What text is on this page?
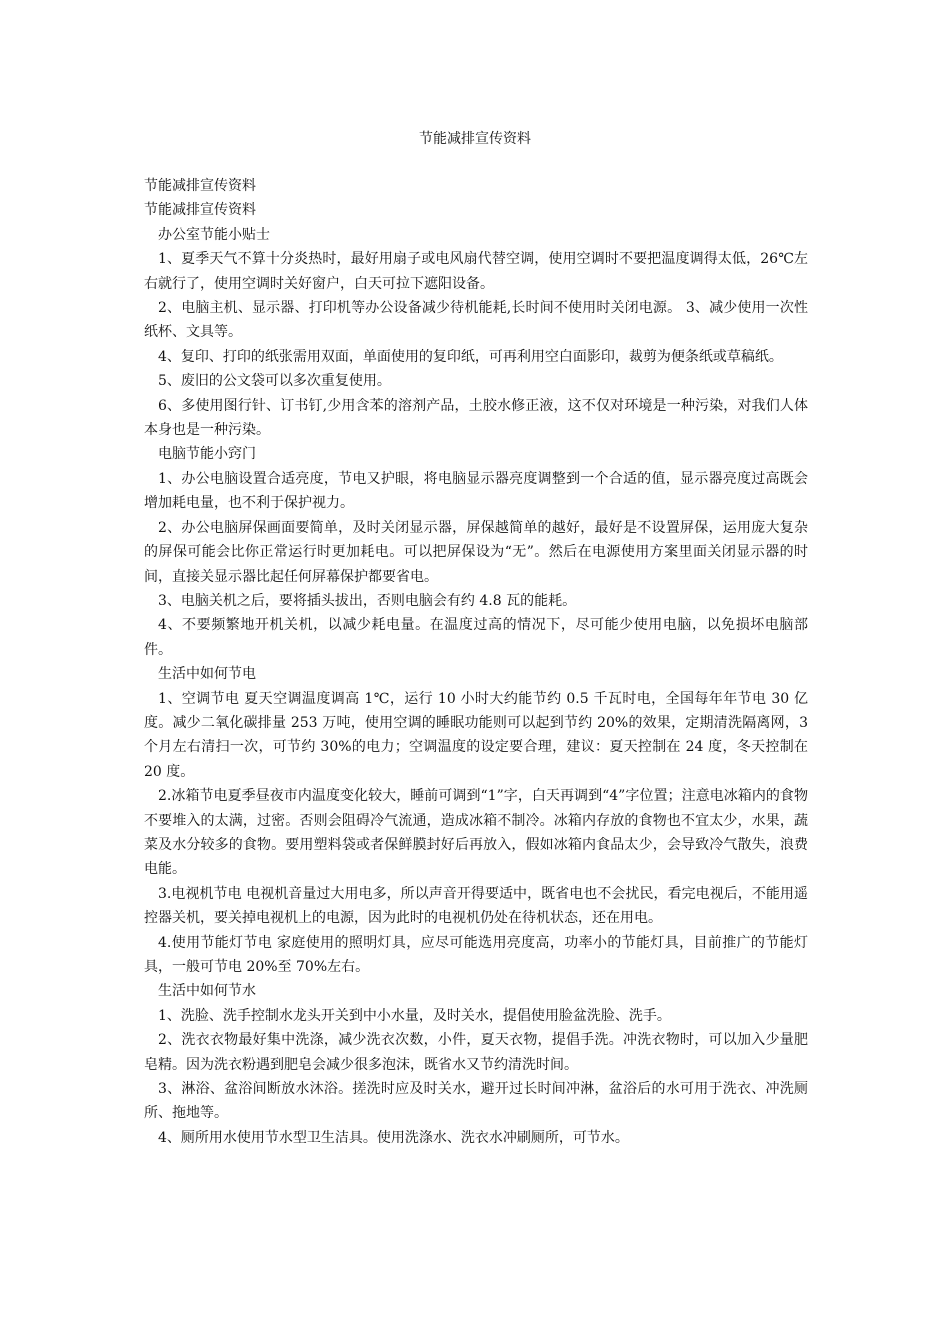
节能减排宣传资料

节能减排宣传资料

节能减排宣传资料

办公室节能小贴士

1、夏季天气不算十分炎热时，最好用扇子或电风扇代替空调，使用空调时不要把温度调得太低，26℃左右就行了，使用空调时关好窗户，白天可拉下遮阳设备。

2、电脑主机、显示器、打印机等办公设备减少待机能耗,长时间不使用时关闭电源。 3、减少使用一次性纸杯、文具等。

4、复印、打印的纸张需用双面，单面使用的复印纸，可再利用空白面影印，裁剪为便条纸或草稿纸。

5、废旧的公文袋可以多次重复使用。

6、多使用图行针、订书钉,少用含苯的溶剂产品，土胶水修正液，这不仅对环境是一种污染，对我们人体本身也是一种污染。

电脑节能小窍门

1、办公电脑设置合适亮度，节电又护眼，将电脑显示器亮度调整到一个合适的值，显示器亮度过高既会增加耗电量，也不利于保护视力。

2、办公电脑屏保画面要简单，及时关闭显示器，屏保越简单的越好，最好是不设置屏保，运用庞大复杂的屏保可能会比你正常运行时更加耗电。可以把屏保设为“无”。然后在电源使用方案里面关闭显示器的时间，直接关显示器比起任何屏幕保护都要省电。

3、电脑关机之后，要将插头拔出，否则电脑会有约 4.8 瓦的能耗。

4、不要频繁地开机关机，以减少耗电量。在温度过高的情况下，尽可能少使用电脑，以免损坏电脑部件。

生活中如何节电

1、空调节电 夏天空调温度调高 1℃，运行 10 小时大约能节约 0.5 千瓦时电，全国每年年节电 30 亿度。减少二氧化碳排量 253 万吨，使用空调的睡眠功能则可以起到节约 20%的效果，定期清洗隔离网，3 个月左右清扫一次，可节约 30%的电力；空调温度的设定要合理，建议：夏天控制在 24 度，冬天控制在 20 度。

2.冰箱节电夏季昼夜市内温度变化较大，睡前可调到“1”字，白天再调到“4”字位置；注意电冰箱内的食物不要堆入的太满，过密。否则会阻碍冷气流通，造成冰箱不制冷。冰箱内存放的食物也不宜太少，水果，蔬菜及水分较多的食物。要用塑料袋或者保鲜膜封好后再放入，假如冰箱内食品太少，会导致冷气散失，浪费电能。

3.电视机节电 电视机音量过大用电多，所以声音开得要适中，既省电也不会扰民，看完电视后，不能用遥控器关机，要关掉电视机上的电源，因为此时的电视机仍处在待机状态，还在用电。

4.使用节能灯节电 家庭使用的照明灯具，应尽可能选用亮度高，功率小的节能灯具，目前推广的节能灯具，一般可节电 20%至 70%左右。

生活中如何节水

1、洗脸、洗手控制水龙头开关到中小水量，及时关水，提倡使用脸盆洗脸、洗手。

2、洗衣衣物最好集中洗涤，减少洗衣次数，小件，夏天衣物，提倡手洗。冲洗衣物时，可以加入少量肥皂精。因为洗衣粉遇到肥皂会减少很多泡沫，既省水又节约清洗时间。

3、淋浴、盆浴间断放水沐浴。搓洗时应及时关水，避开过长时间冲淋，盆浴后的水可用于洗衣、冲洗厕所、拖地等。

4、厕所用水使用节水型卫生洁具。使用洗涤水、洗衣水冲刷厕所，可节水。
